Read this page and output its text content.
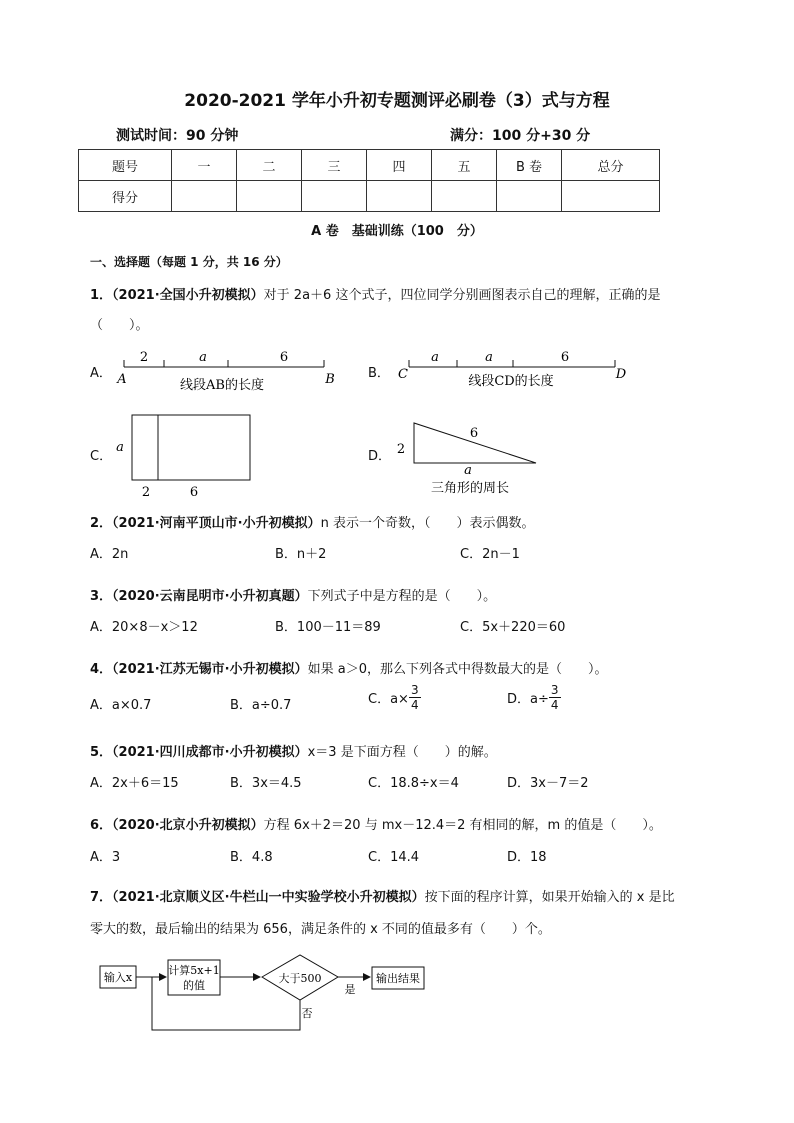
2020-2021 学年小升初专题测评必刷卷（3）式与方程
测试时间：90 分钟	满分：100 分+30 分
题号	一	二	三	四	五	B 卷	总分
得分							
A 卷　基础训练（100　分）
一、选择题（每题 1 分，共 16 分）
1．（2021·全国小升初模拟）对于 2a＋6 这个式子，四位同学分别画图表示自己的理解，正确的是
（　　）。
A．
2	a	6
A	B
线段AB的长度
B．
a	a	6
C	D
线段CD的长度
C．
a
2	6
D． 2
6
a
三角形的周长
2．（2021·河南平顶山市·小升初模拟）n 表示一个奇数，（　　）表示偶数。
A．2n	B．n＋2	C．2n－1
3．（2020·云南昆明市·小升初真题）下列式子中是方程的是（　　）。
A．20×8－x＞12	B．100－11＝89	C．5x＋220＝60
4．（2021·江苏无锡市·小升初模拟）如果 a＞0，那么下列各式中得数最大的是（　　）。
A．a×0.7	B．a÷0.7	C．$a\times \frac{3}{4}$	D．$a\div \frac{3}{4}$
5．（2021·四川成都市·小升初模拟）x＝3 是下面方程（　　）的解。
A．2x＋6＝15	B．3x＝4.5	C．18.8÷x＝4	D．3x－7＝2
6．（2020·北京小升初模拟）方程 6x＋2＝20 与 mx－12.4＝2 有相同的解，m 的值是（　　）。
A．3	B．4.8	C．14.4	D．18
7．（2021·北京顺义区·牛栏山一中实验学校小升初模拟）按下面的程序计算，如果开始输入的 x 是比
零大的数，最后输出的结果为 656，满足条件的 x 不同的值最多有（　　）个。
输入x
计算5x+1
的值
大于500
是
输出结果
否
